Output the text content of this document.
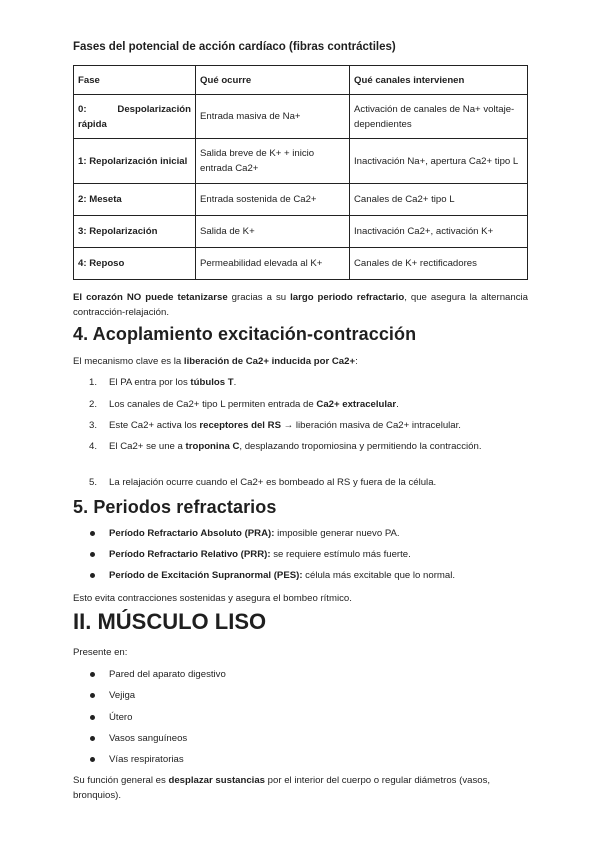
Fases del potencial de acción cardíaco (fibras contráctiles)
Fase	Qué ocurre	Qué canales intervienen
0: Despolarización rápida	Entrada masiva de Na+	Activación de canales de Na+ voltaje-dependientes
1: Repolarización inicial	Salida breve de K+ + inicio entrada Ca2+	Inactivación Na+, apertura Ca2+ tipo L
2: Meseta	Entrada sostenida de Ca2+	Canales de Ca2+ tipo L
3: Repolarización	Salida de K+	Inactivación Ca2+, activación K+
4: Reposo	Permeabilidad elevada al K+	Canales de K+ rectificadores

El corazón NO puede tetanizarse gracias a su largo periodo refractario, que asegura la alternancia contracción-relajación.

4. Acoplamiento excitación-contracción

El mecanismo clave es la liberación de Ca2+ inducida por Ca2+:

1.	El PA entra por los túbulos T.
2.	Los canales de Ca2+ tipo L permiten entrada de Ca2+ extracelular.
3.	Este Ca2+ activa los receptores del RS → liberación masiva de Ca2+ intracelular.
4.	El Ca2+ se une a troponina C, desplazando tropomiosina y permitiendo la contracción.
5.	La relajación ocurre cuando el Ca2+ es bombeado al RS y fuera de la célula.
5. Periodos refractarios
Período Refractario Absoluto (PRA): imposible generar nuevo PA.
Período Refractario Relativo (PRR): se requiere estímulo más fuerte.
Período de Excitación Supranormal (PES): célula más excitable que lo normal.

Esto evita contracciones sostenidas y asegura el bombeo rítmico.

II. MÚSCULO LISO

Presente en:

Pared del aparato digestivo
Vejiga
Útero
Vasos sanguíneos
Vías respiratorias

Su función general es desplazar sustancias por el interior del cuerpo o regular diámetros (vasos, bronquios).
